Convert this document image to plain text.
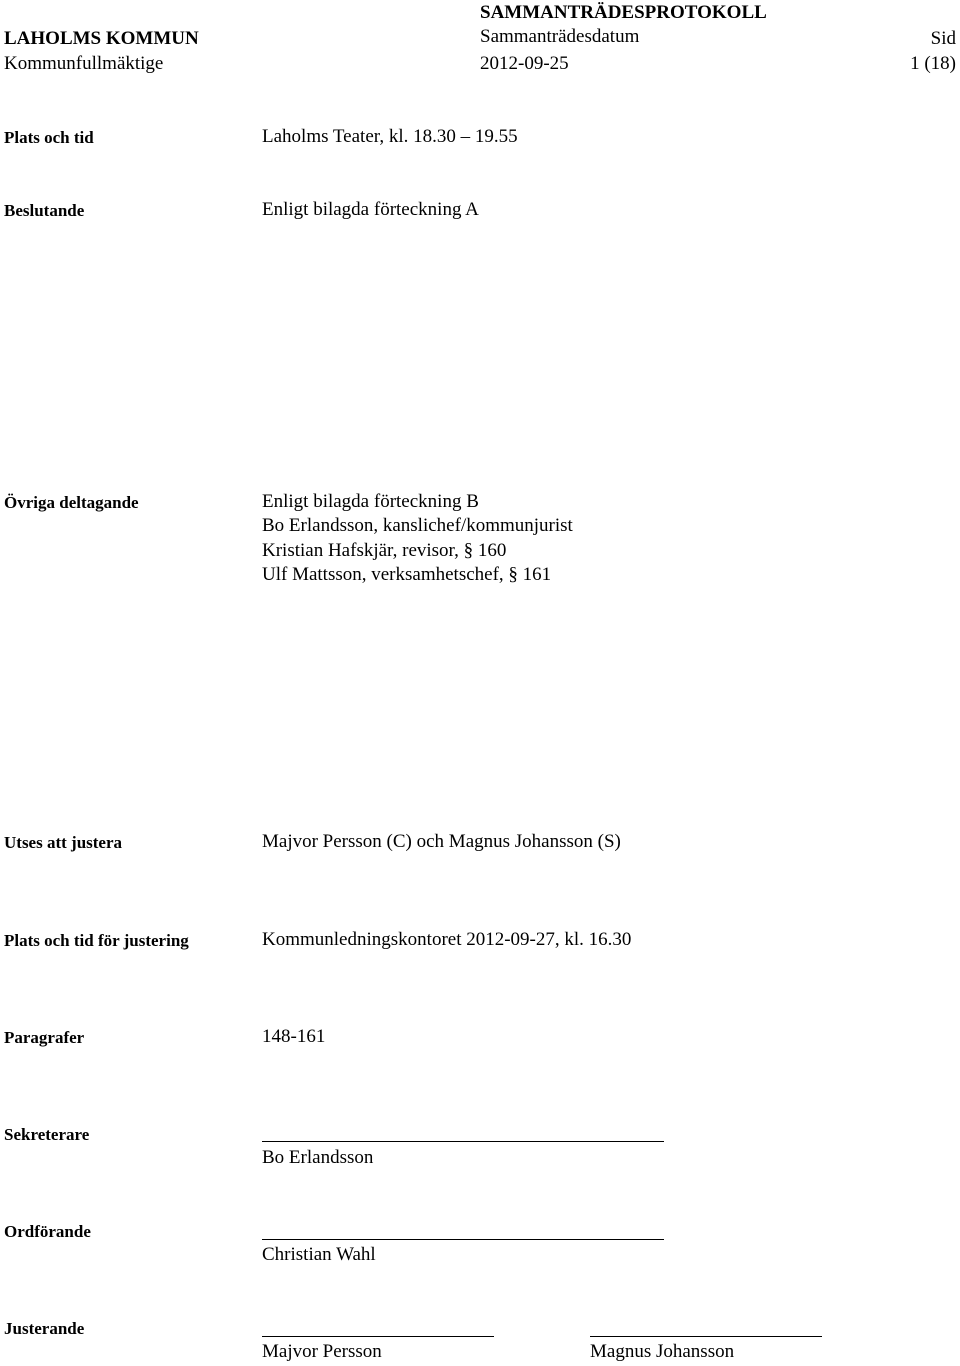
LAHOLMS KOMMUN
Kommunfullmäktige
SAMMANTRÄDESPROTOKOLL
Sammanträdesdatum
2012-09-25
Sid
1 (18)
Plats och tid	Laholms Teater, kl. 18.30 – 19.55
Beslutande	Enligt bilagda förteckning A
Övriga deltagande	Enligt bilagda förteckning B
Bo Erlandsson, kanslichef/kommunjurist
Kristian Hafskjär, revisor, § 160
Ulf Mattsson, verksamhetschef, § 161
Utses att justera	Majvor Persson (C) och Magnus Johansson (S)
Plats och tid för justering	Kommunledningskontoret 2012-09-27, kl. 16.30
Paragrafer	148-161
Sekreterare
Bo Erlandsson
Ordförande
Christian Wahl
Justerande
Majvor Persson	Magnus Johansson
